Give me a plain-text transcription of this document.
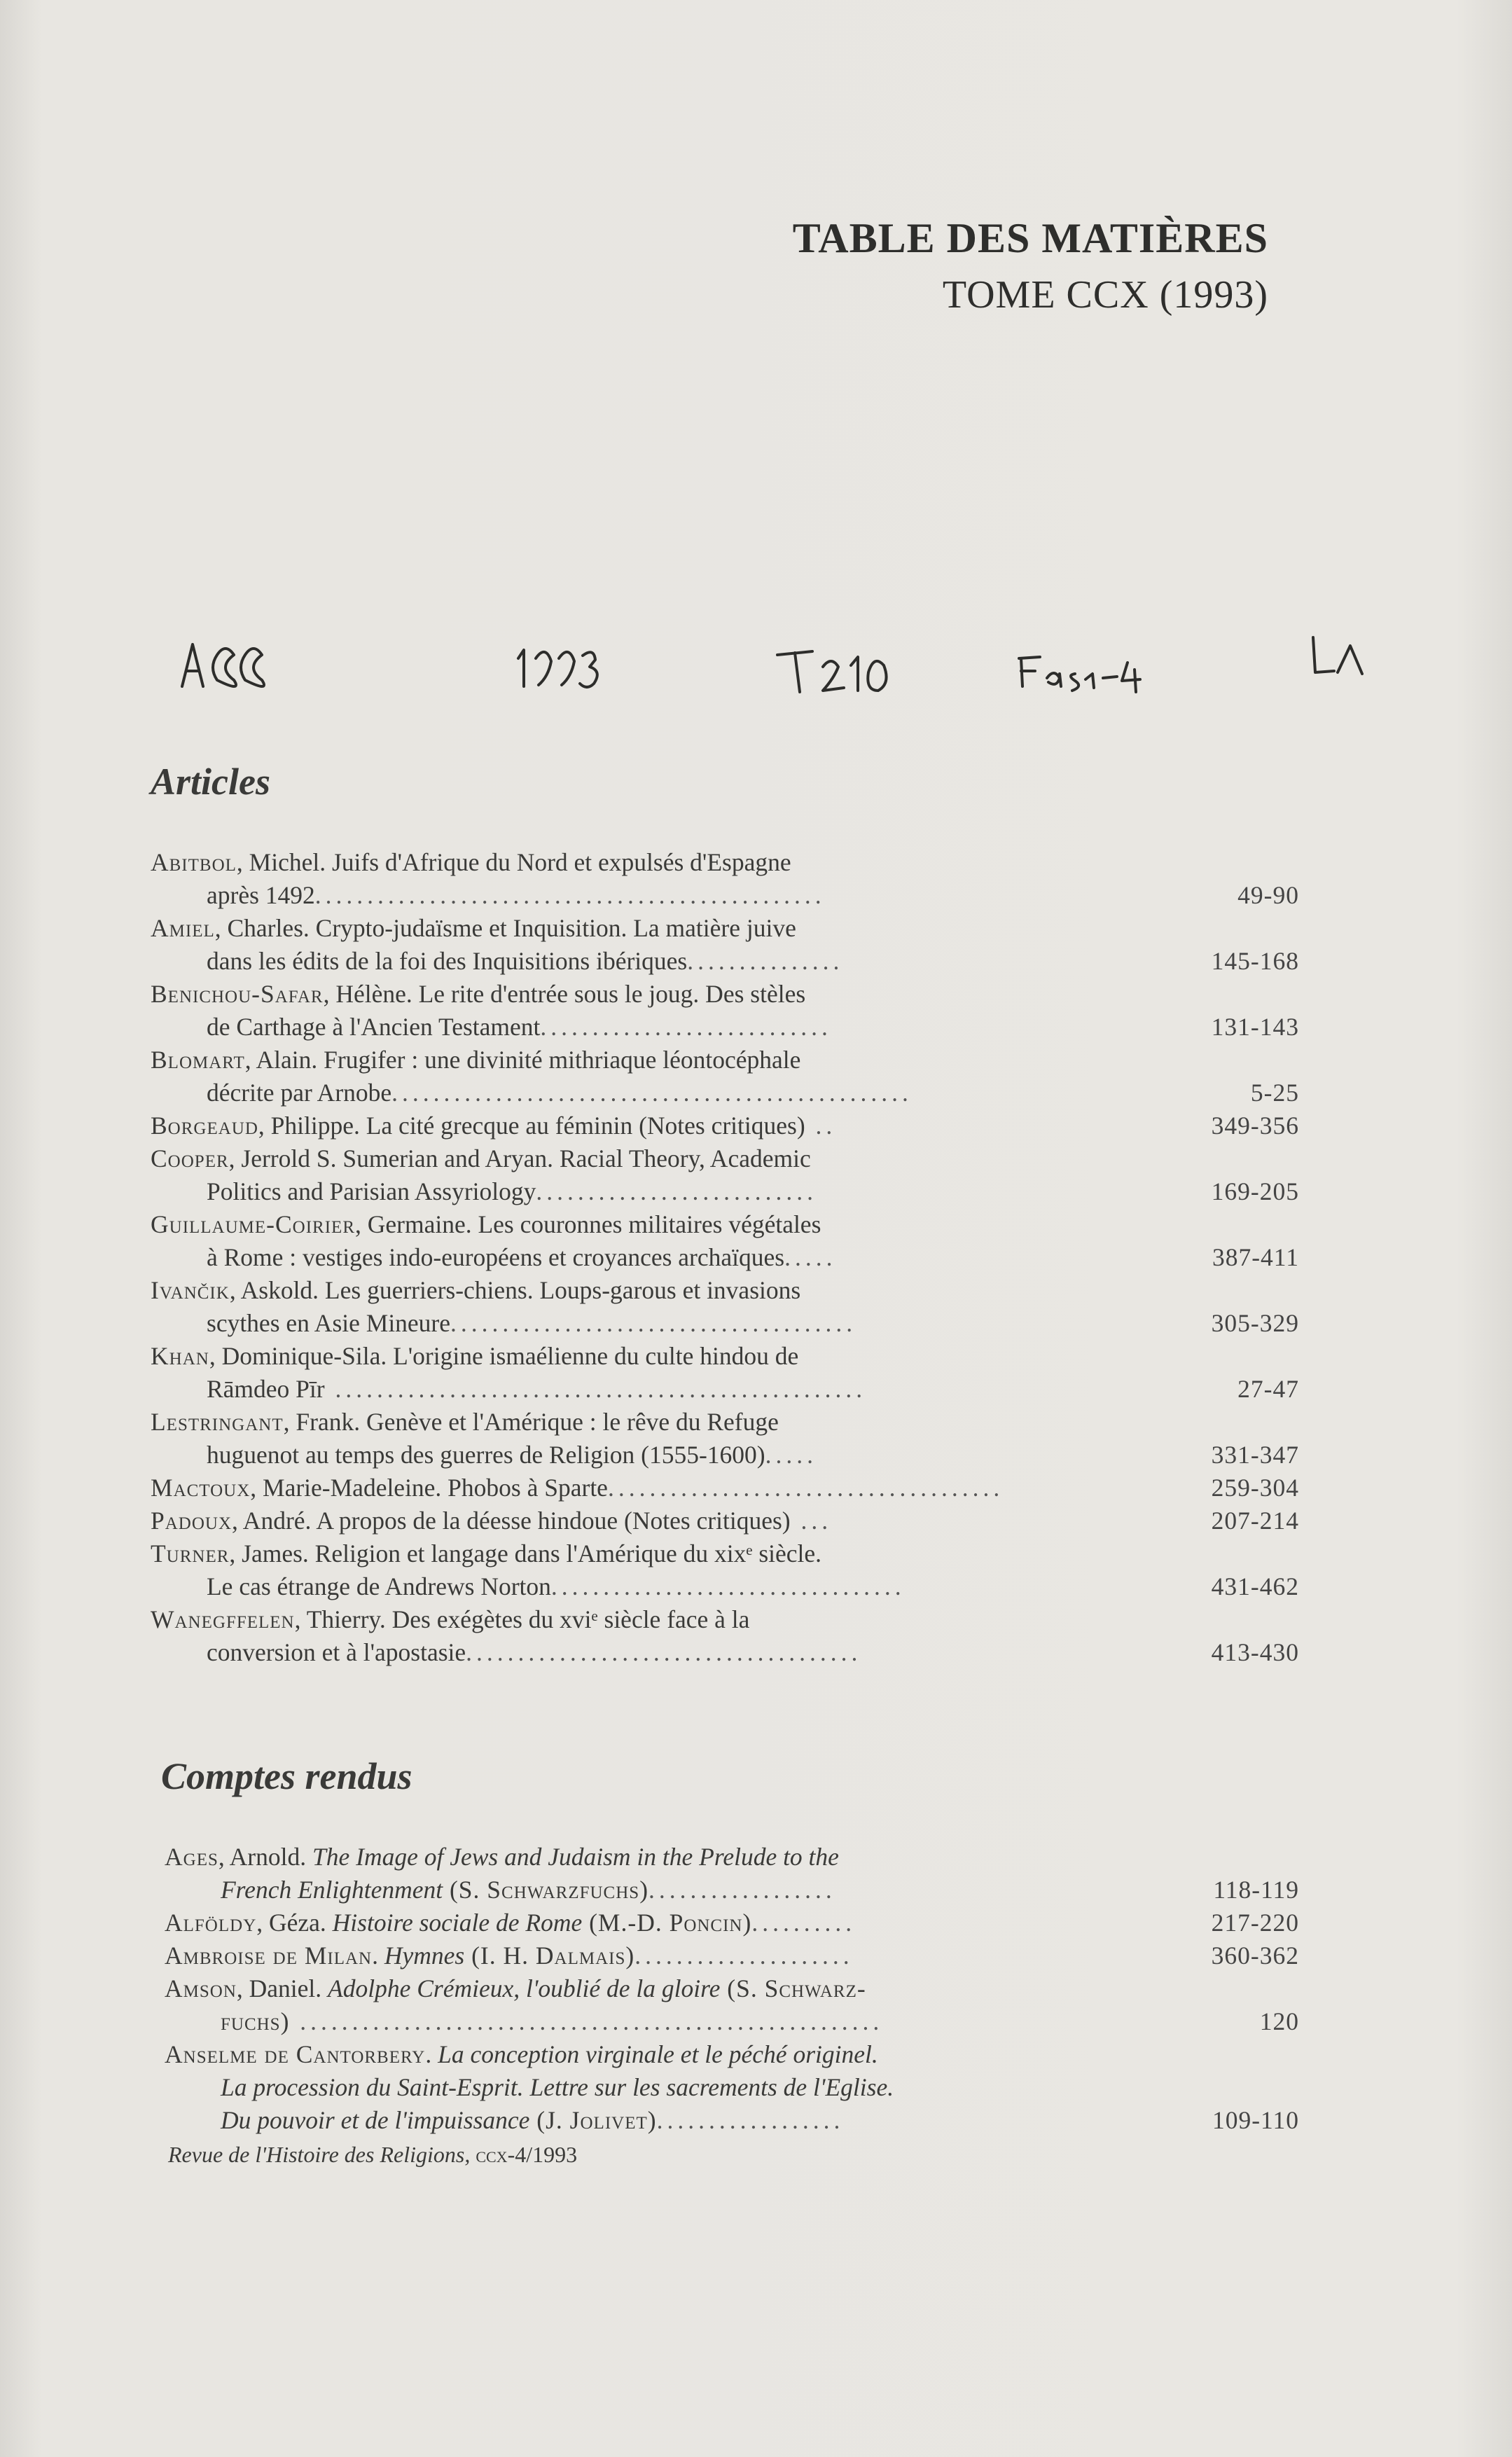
TABLE DES MATIÈRES
TOME CCX (1993)
Articles
Abitbol, Michel. Juifs d'Afrique du Nord et expulsés d'Espagne
après 1492.................................................	49-90
Amiel, Charles. Crypto-judaïsme et Inquisition. La matière juive
dans les édits de la foi des Inquisitions ibériques...............	145-168
Benichou-Safar, Hélène. Le rite d'entrée sous le joug. Des stèles
de Carthage à l'Ancien Testament............................	131-143
Blomart, Alain. Frugifer : une divinité mithriaque léontocéphale
décrite par Arnobe..................................................	5-25
Borgeaud, Philippe. La cité grecque au féminin (Notes critiques) ..	349-356
Cooper, Jerrold S. Sumerian and Aryan. Racial Theory, Academic
Politics and Parisian Assyriology...........................	169-205
Guillaume-Coirier, Germaine. Les couronnes militaires végétales
à Rome : vestiges indo-européens et croyances archaïques.....	387-411
Ivančik, Askold. Les guerriers-chiens. Loups-garous et invasions
scythes en Asie Mineure.......................................	305-329
Khan, Dominique-Sila. L'origine ismaélienne du culte hindou de
Rāmdeo Pīr ...................................................	27-47
Lestringant, Frank. Genève et l'Amérique : le rêve du Refuge
huguenot au temps des guerres de Religion (1555-1600).....	331-347
Mactoux, Marie-Madeleine. Phobos à Sparte......................................	259-304
Padoux, André. A propos de la déesse hindoue (Notes critiques) ...	207-214
Turner, James. Religion et langage dans l'Amérique du xixᵉ siècle.
Le cas étrange de Andrews Norton..................................	431-462
Wanegffelen, Thierry. Des exégètes du xviᵉ siècle face à la
conversion et à l'apostasie......................................	413-430
Comptes rendus
Ages, Arnold. The Image of Jews and Judaism in the Prelude to the
French Enlightenment (S. Schwarzfuchs)..................	118-119
Alföldy, Géza. Histoire sociale de Rome (M.-D. Poncin)..........	217-220
Ambroise de Milan. Hymnes (I. H. Dalmais).....................	360-362
Amson, Daniel. Adolphe Crémieux, l'oublié de la gloire (S. Schwarz-
fuchs) ........................................................	120
Anselme de Cantorbery. La conception virginale et le péché originel.
La procession du Saint-Esprit. Lettre sur les sacrements de l'Eglise.
Du pouvoir et de l'impuissance (J. Jolivet)..................	109-110
Revue de l'Histoire des Religions, ccx-4/1993
